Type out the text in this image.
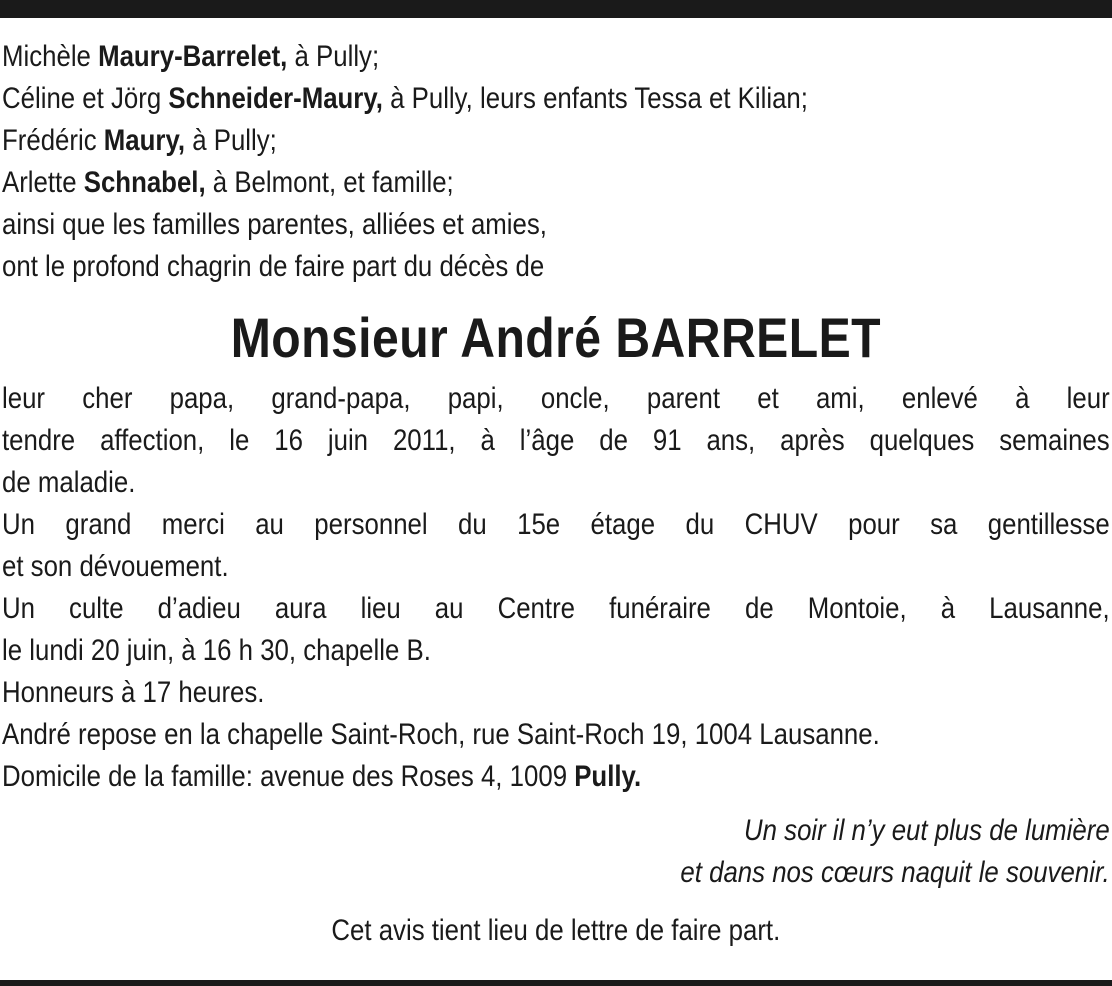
Michèle Maury-Barrelet, à Pully;
Céline et Jörg Schneider-Maury, à Pully, leurs enfants Tessa et Kilian;
Frédéric Maury, à Pully;
Arlette Schnabel, à Belmont, et famille;
ainsi que les familles parentes, alliées et amies,
ont le profond chagrin de faire part du décès de
Monsieur André BARRELET
leur cher papa, grand-papa, papi, oncle, parent et ami, enlevé à leur
tendre affection, le 16 juin 2011, à l’âge de 91 ans, après quelques semaines
de maladie.
Un grand merci au personnel du 15e étage du CHUV pour sa gentillesse
et son dévouement.
Un culte d’adieu aura lieu au Centre funéraire de Montoie, à Lausanne,
le lundi 20 juin, à 16 h 30, chapelle B.
Honneurs à 17 heures.
André repose en la chapelle Saint-Roch, rue Saint-Roch 19, 1004 Lausanne.
Domicile de la famille: avenue des Roses 4, 1009 Pully.
Un soir il n’y eut plus de lumière
et dans nos cœurs naquit le souvenir.
Cet avis tient lieu de lettre de faire part.
